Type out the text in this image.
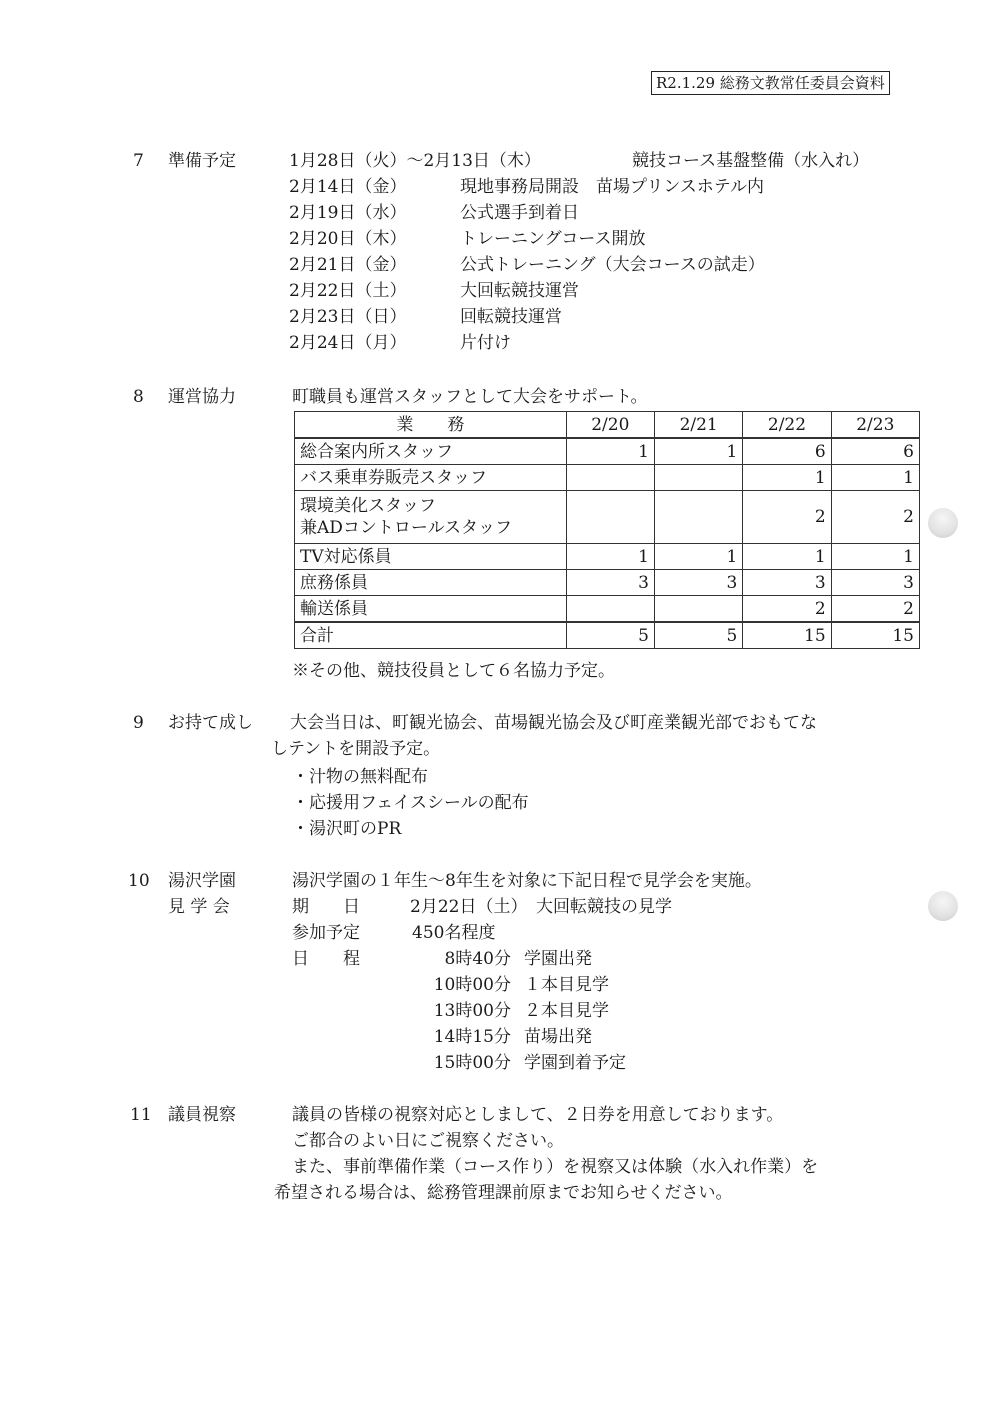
R2.1.29 総務文教常任委員会資料
7 準備予定	1月28日（火）～2月13日（木）	競技コース基盤整備（水入れ）
2月14日（金）	現地事務局開設　苗場プリンスホテル内
2月19日（水）	公式選手到着日
2月20日（木）	トレーニングコース開放
2月21日（金）	公式トレーニング（大会コースの試走）
2月22日（土）	大回転競技運営
2月23日（日）	回転競技運営
2月24日（月）	片付け
8 運営協力	町職員も運営スタッフとして大会をサポート。
業　　務	2/20	2/21	2/22	2/23
総合案内所スタッフ	1	1	6	6
バス乗車券販売スタッフ			1	1

環境美化スタッフ
兼ADコントロールスタッフ			2	2
TV対応係員	1	1	1	1
庶務係員	3	3	3	3
輸送係員			2	2
合計	5	5	15	15
※その他、競技役員として６名協力予定。
9 お持て成し 大会当日は、町観光協会、苗場観光協会及び町産業観光部でおもてな
しテントを開設予定。
・汁物の無料配布
・応援用フェイスシールの配布
・湯沢町のPR
10 湯沢学園
見 学 会
湯沢学園の１年生～8年生を対象に下記日程で見学会を実施。
期　　日	2月22日（土）　大回転競技の見学
参加予定	450名程度
日　　程	8時40分 学園出発
10時00分 １本目見学
13時00分 ２本目見学
14時15分 苗場出発
15時00分 学園到着予定
11 議員視察	議員の皆様の視察対応としまして、２日券を用意しております。
ご都合のよい日にご視察ください。
また、事前準備作業（コース作り）を視察又は体験（水入れ作業）を
希望される場合は、総務管理課前原までお知らせください。
